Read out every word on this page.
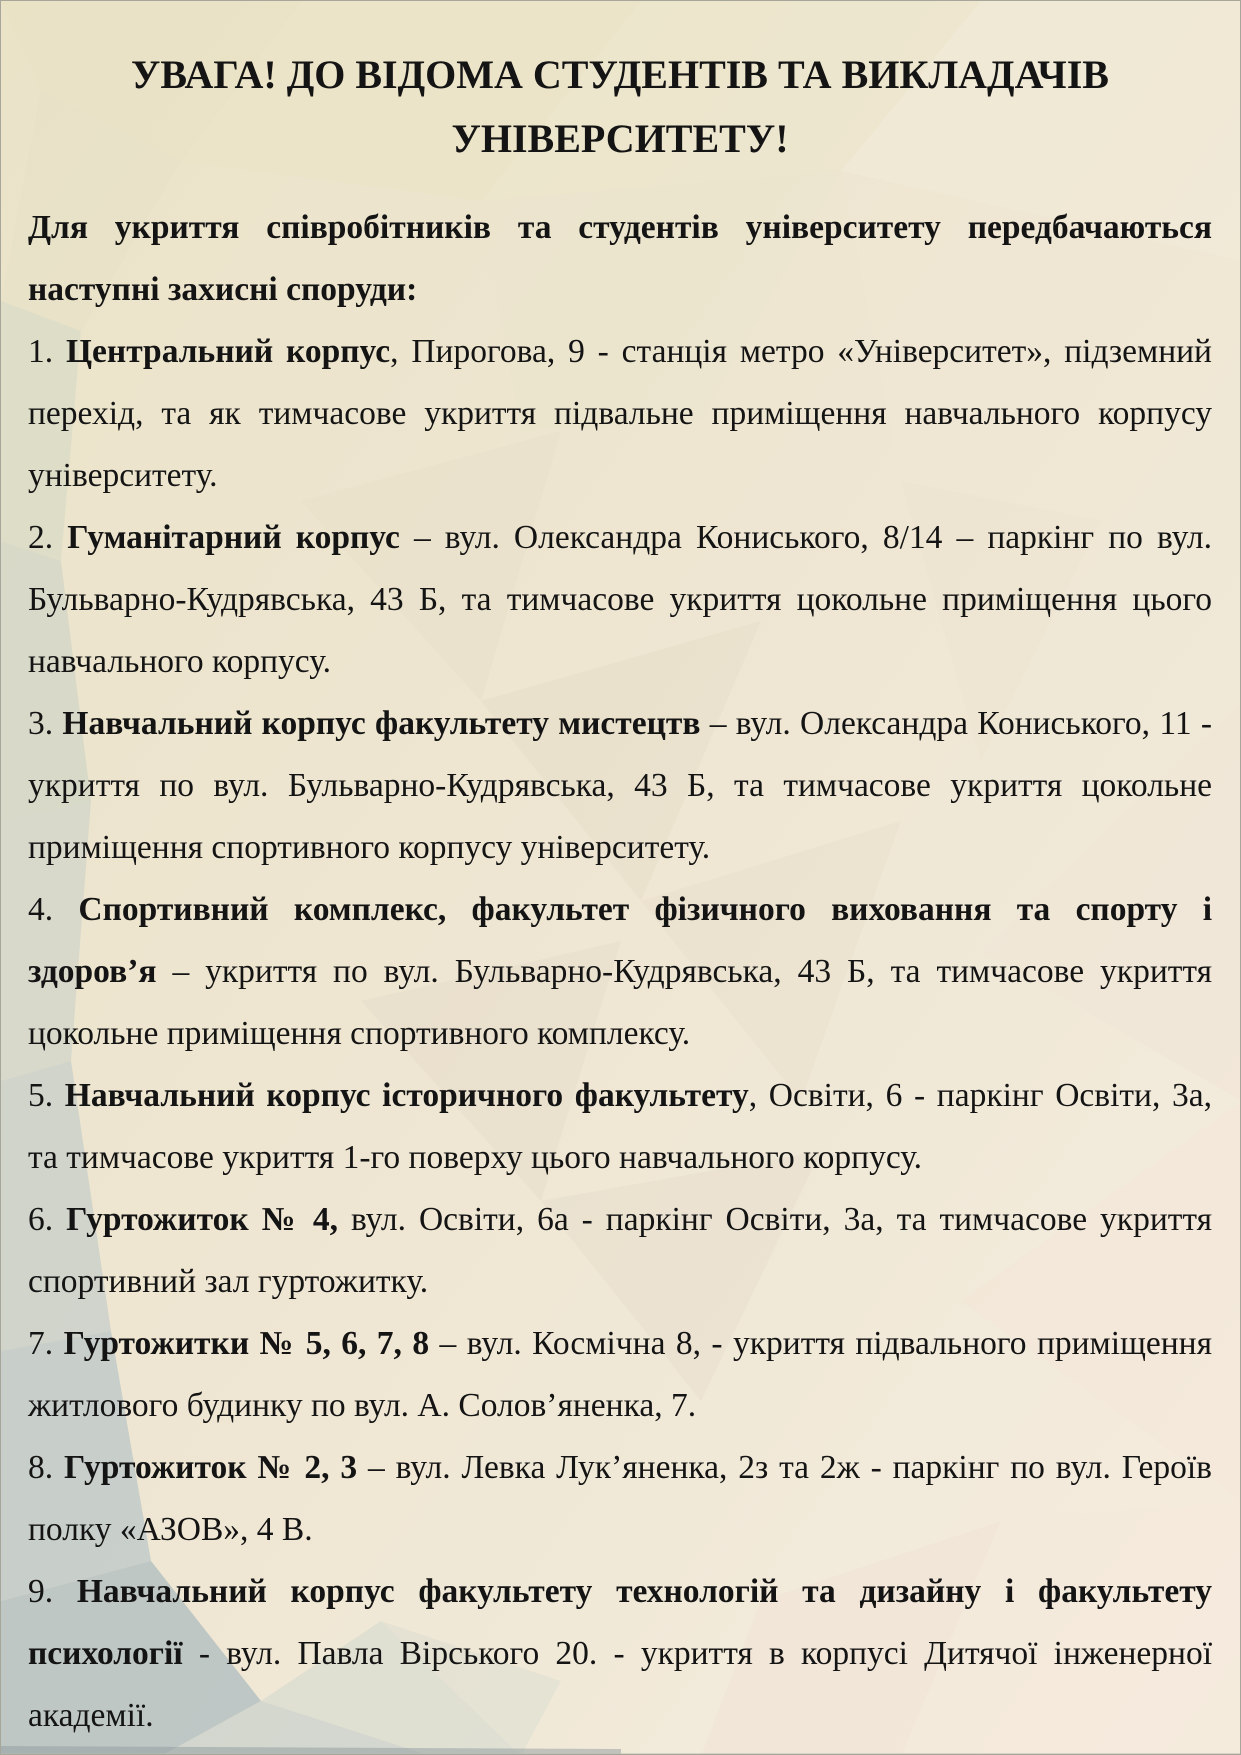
УВАГА! ДО ВІДОМА СТУДЕНТІВ ТА ВИКЛАДАЧІВ
УНІВЕРСИТЕТУ!

Для укриття співробітників та студентів університету передбачаються наступні захисні споруди:

1. Центральний корпус, Пирогова, 9 - станція метро «Університет», підземний перехід, та як тимчасове укриття підвальне приміщення навчального корпусу університету.

2. Гуманітарний корпус – вул. Олександра Кониського, 8/14 – паркінг по вул. Бульварно-Кудрявська, 43 Б, та тимчасове укриття цокольне приміщення цього навчального корпусу.

3. Навчальний корпус факультету мистецтв – вул. Олександра Кониського, 11 - укриття по вул. Бульварно-Кудрявська, 43 Б, та тимчасове укриття цокольне приміщення спортивного корпусу університету.

4. Спортивний комплекс, факультет фізичного виховання та спорту і здоров’я – укриття по вул. Бульварно-Кудрявська, 43 Б, та тимчасове укриття цокольне приміщення спортивного комплексу.

5. Навчальний корпус історичного факультету, Освіти, 6 - паркінг Освіти, 3а, та тимчасове укриття 1-го поверху цього навчального корпусу.

6. Гуртожиток № 4, вул. Освіти, 6а - паркінг Освіти, 3а, та тимчасове укриття спортивний зал гуртожитку.

7. Гуртожитки № 5, 6, 7, 8 – вул. Космічна 8, - укриття підвального приміщення житлового будинку по вул. А. Солов’яненка, 7.

8. Гуртожиток № 2, 3 – вул. Левка Лук’яненка, 2з та 2ж - паркінг по вул. Героїв полку «АЗОВ», 4 В.

9. Навчальний корпус факультету технологій та дизайну і факультету психології - вул. Павла Вірського 20. - укриття в корпусі Дитячої інженерної академії.
